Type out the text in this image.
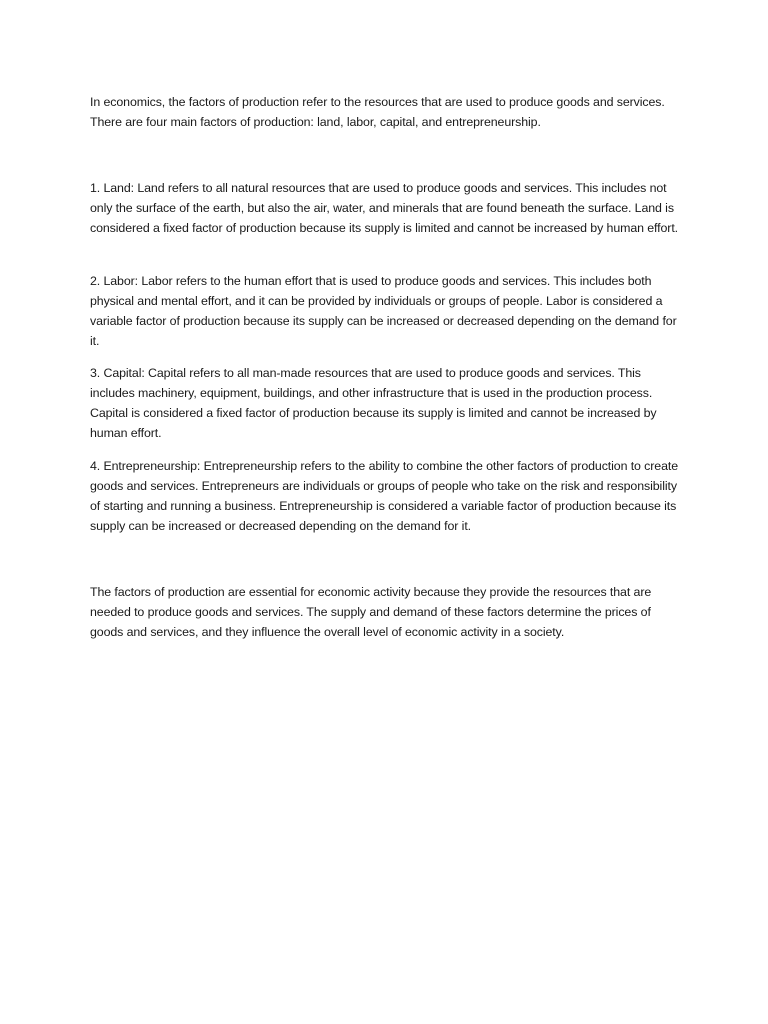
In economics, the factors of production refer to the resources that are used to produce goods and services. There are four main factors of production: land, labor, capital, and entrepreneurship.

1. Land: Land refers to all natural resources that are used to produce goods and services. This includes not only the surface of the earth, but also the air, water, and minerals that are found beneath the surface. Land is considered a fixed factor of production because its supply is limited and cannot be increased by human effort.

2. Labor: Labor refers to the human effort that is used to produce goods and services. This includes both physical and mental effort, and it can be provided by individuals or groups of people. Labor is considered a variable factor of production because its supply can be increased or decreased depending on the demand for it.

3. Capital: Capital refers to all man-made resources that are used to produce goods and services. This includes machinery, equipment, buildings, and other infrastructure that is used in the production process. Capital is considered a fixed factor of production because its supply is limited and cannot be increased by human effort.

4. Entrepreneurship: Entrepreneurship refers to the ability to combine the other factors of production to create goods and services. Entrepreneurs are individuals or groups of people who take on the risk and responsibility of starting and running a business. Entrepreneurship is considered a variable factor of production because its supply can be increased or decreased depending on the demand for it.

The factors of production are essential for economic activity because they provide the resources that are needed to produce goods and services. The supply and demand of these factors determine the prices of goods and services, and they influence the overall level of economic activity in a society.
